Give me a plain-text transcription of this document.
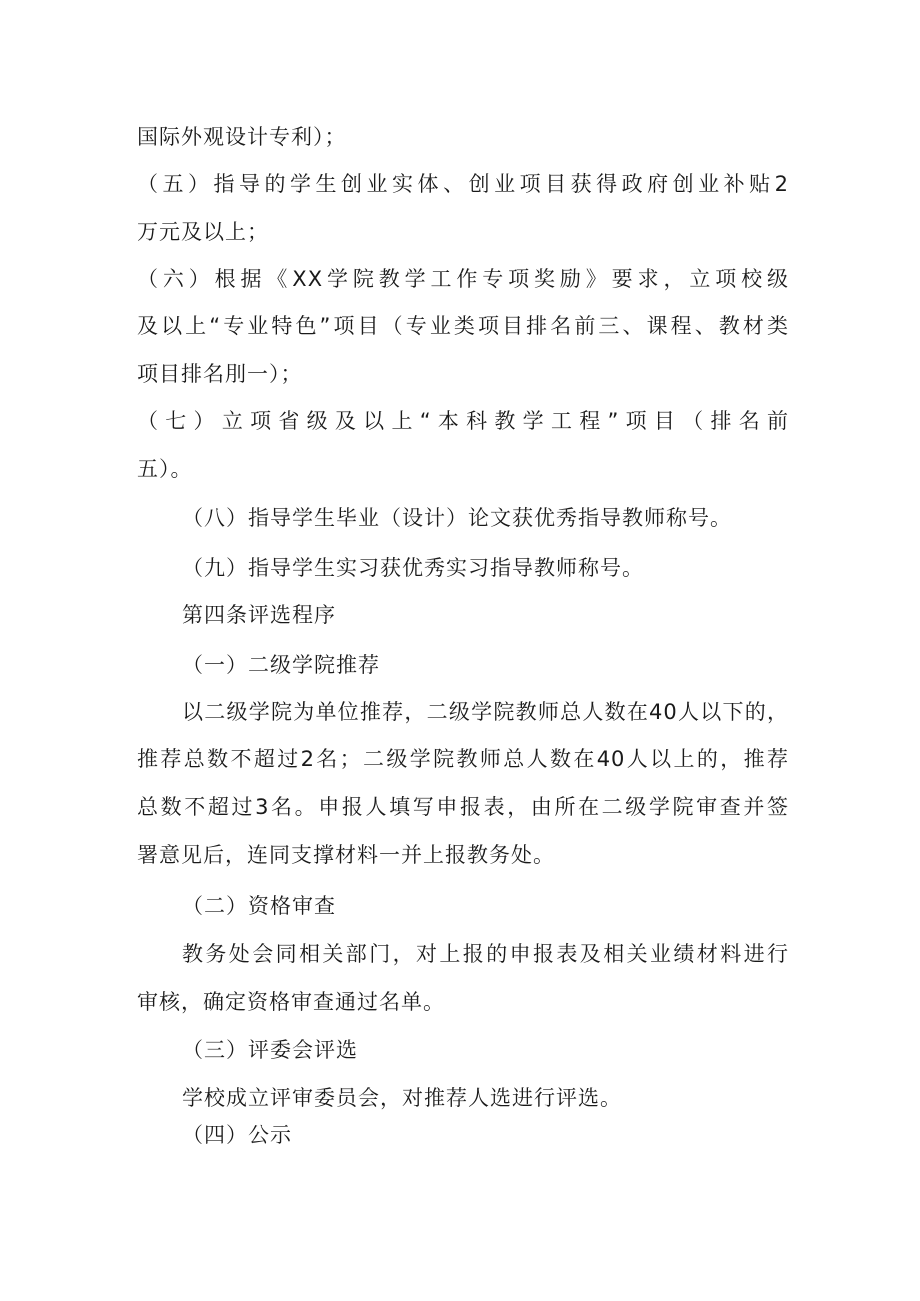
国际外观设计专利）；
（五）指导的学生创业实体、创业项目获得政府创业补贴2
万元及以上；
（六）根据《XX学院教学工作专项奖励》要求，立项校级
及以上“专业特色”项目（专业类项目排名前三、课程、教材类
项目排名刖一）；
（七）立项省级及以上“本科教学工程”项目（排名前
五）。
（八）指导学生毕业（设计）论文获优秀指导教师称号。
（九）指导学生实习获优秀实习指导教师称号。
第四条评选程序
（一）二级学院推荐
以二级学院为单位推荐，二级学院教师总人数在40人以下的，
推荐总数不超过2名；二级学院教师总人数在40人以上的，推荐
总数不超过3名。申报人填写申报表，由所在二级学院审查并签
署意见后，连同支撑材料一并上报教务处。
（二）资格审查
教务处会同相关部门，对上报的申报表及相关业绩材料进行
审核，确定资格审查通过名单。
（三）评委会评选
学校成立评审委员会，对推荐人选进行评选。
（四）公示
